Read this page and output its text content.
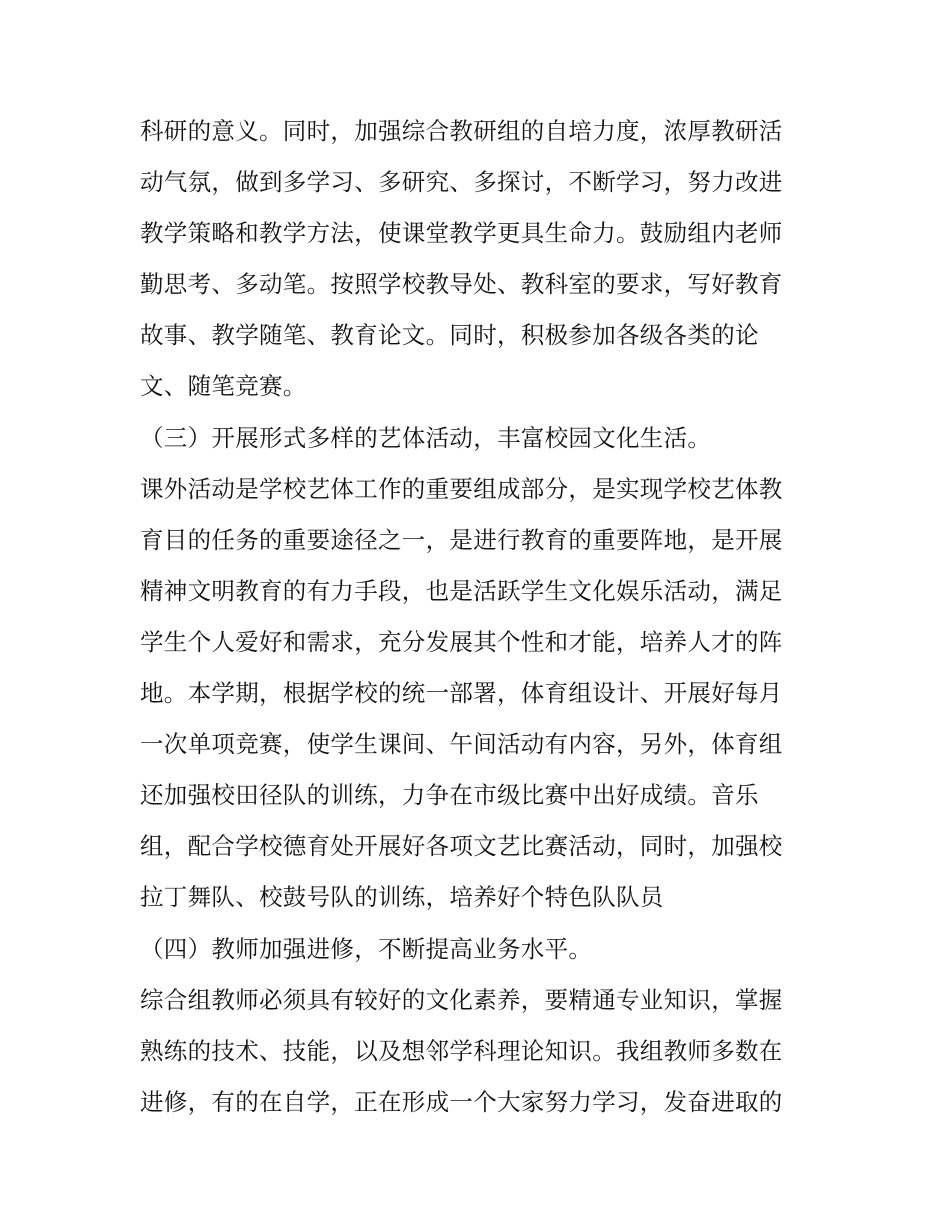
科研的意义。同时，加强综合教研组的自培力度，浓厚教研活
动气氛，做到多学习、多研究、多探讨，不断学习，努力改进
教学策略和教学方法，使课堂教学更具生命力。鼓励组内老师
勤思考、多动笔。按照学校教导处、教科室的要求，写好教育
故事、教学随笔、教育论文。同时，积极参加各级各类的论
文、随笔竞赛。
（三）开展形式多样的艺体活动，丰富校园文化生活。
课外活动是学校艺体工作的重要组成部分，是实现学校艺体教
育目的任务的重要途径之一，是进行教育的重要阵地，是开展
精神文明教育的有力手段，也是活跃学生文化娱乐活动，满足
学生个人爱好和需求，充分发展其个性和才能，培养人才的阵
地。本学期，根据学校的统一部署，体育组设计、开展好每月
一次单项竞赛，使学生课间、午间活动有内容，另外，体育组
还加强校田径队的训练，力争在市级比赛中出好成绩。音乐
组，配合学校德育处开展好各项文艺比赛活动，同时，加强校
拉丁舞队、校鼓号队的训练，培养好个特色队队员
（四）教师加强进修，不断提高业务水平。
综合组教师必须具有较好的文化素养，要精通专业知识，掌握
熟练的技术、技能，以及想邻学科理论知识。我组教师多数在
进修，有的在自学，正在形成一个大家努力学习，发奋进取的
